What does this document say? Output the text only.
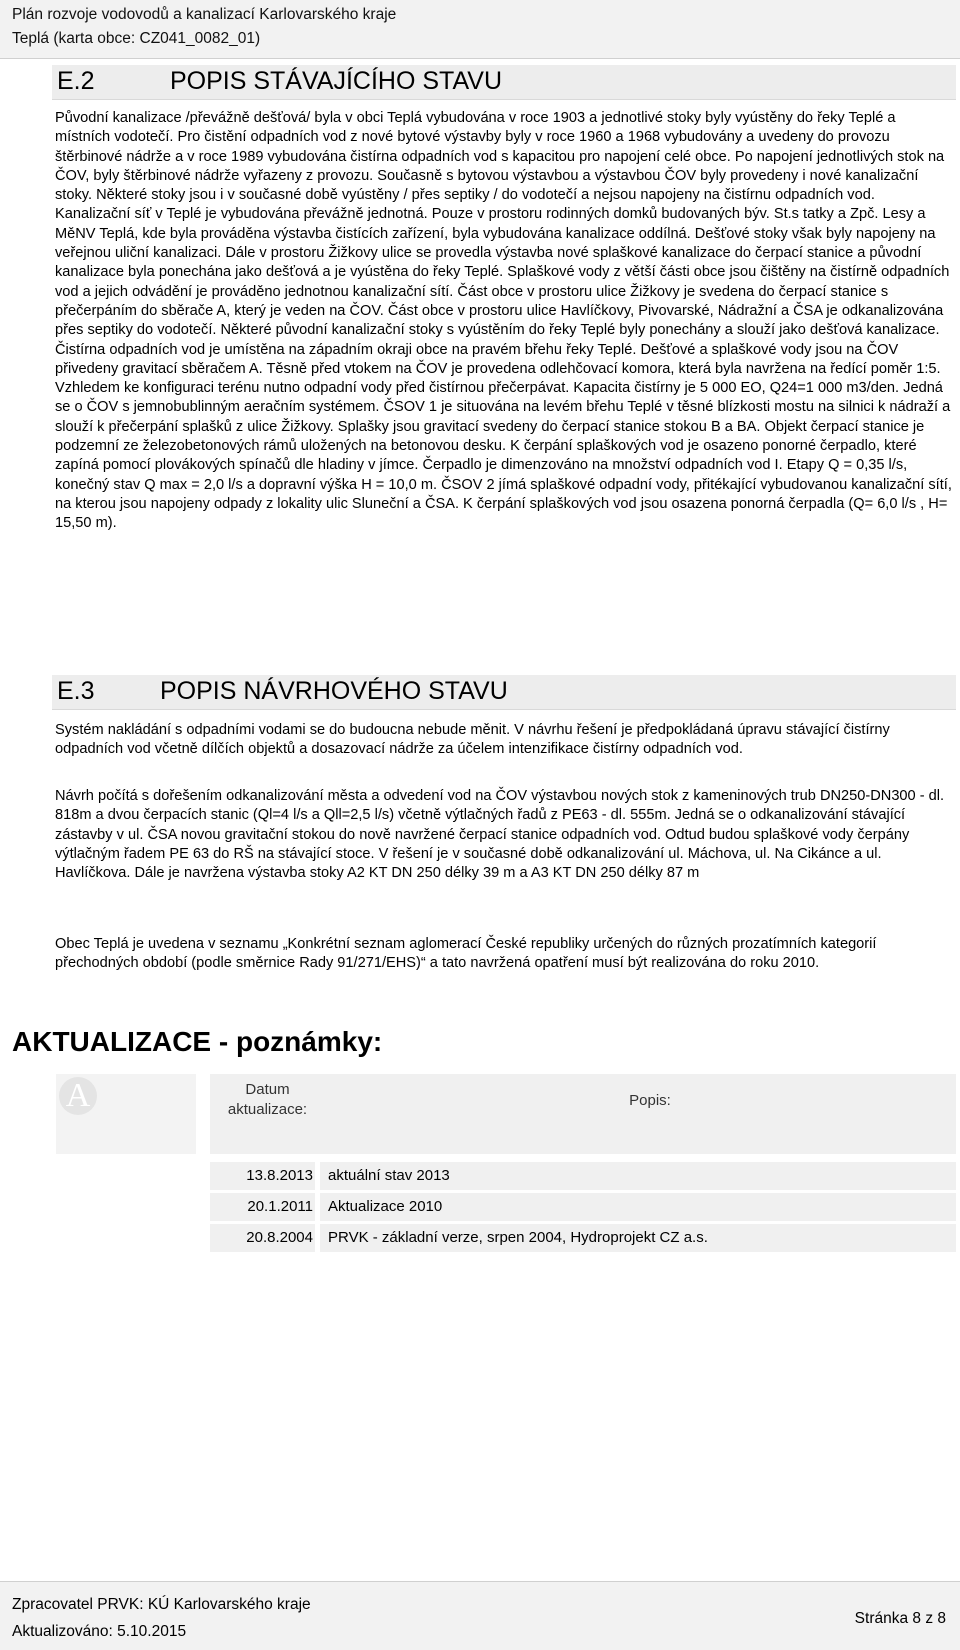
Plán rozvoje vodovodů a kanalizací Karlovarského kraje
Teplá (karta obce: CZ041_0082_01)
E.2	POPIS STÁVAJÍCÍHO STAVU

Původní kanalizace /převážně dešťová/ byla v obci Teplá vybudována v roce 1903 a jednotlivé stoky byly vyústěny do řeky Teplé a místních vodotečí. Pro čistění odpadních vod z nové bytové výstavby byly v roce 1960 a 1968 vybudovány a uvedeny do provozu štěrbinové nádrže a v roce 1989 vybudována čistírna odpadních vod s kapacitou pro napojení celé obce. Po napojení jednotlivých stok na ČOV, byly štěrbinové nádrže vyřazeny z provozu. Současně s bytovou výstavbou a výstavbou ČOV byly provedeny i nové kanalizační stoky. Některé stoky jsou i v současné době vyústěny / přes septiky / do vodotečí a nejsou napojeny na čistírnu odpadních vod. Kanalizační síť v Teplé je vybudována převážně jednotná. Pouze v prostoru rodinných domků budovaných býv. St.s tatky a Zpč. Lesy a MěNV Teplá, kde byla prováděna výstavba čistících zařízení, byla vybudována kanalizace oddílná. Dešťové stoky však byly napojeny na veřejnou uliční kanalizaci. Dále v prostoru Žižkovy ulice se provedla výstavba nové splaškové kanalizace do čerpací stanice a původní kanalizace byla ponechána jako dešťová a je vyústěna do řeky Teplé. Splaškové vody z větší části obce jsou čištěny na čistírně odpadních vod a jejich odvádění je prováděno jednotnou kanalizační sítí. Část obce v prostoru ulice Žižkovy je svedena do čerpací stanice s přečerpáním do sběrače A, který je veden na ČOV. Část obce v prostoru ulice Havlíčkovy, Pivovarské, Nádražní a ČSA je odkanalizována přes septiky do vodotečí. Některé původní kanalizační stoky s vyústěním do řeky Teplé byly ponechány a slouží jako dešťová kanalizace. Čistírna odpadních vod je umístěna na západním okraji obce na pravém břehu řeky Teplé. Dešťové a splaškové vody jsou na ČOV přivedeny gravitací sběračem A. Těsně před vtokem na ČOV je provedena odlehčovací komora, která byla navržena na ředící poměr 1:5. Vzhledem ke konfiguraci terénu nutno odpadní vody před čistírnou přečerpávat. Kapacita čistírny je 5 000 EO, Q24=1 000 m3/den. Jedná se o ČOV s jemnobublinným aeračním systémem. ČSOV 1 je situována na levém břehu Teplé v těsné blízkosti mostu na silnici k nádraží a slouží k přečerpání splašků z ulice Žižkovy. Splašky jsou gravitací svedeny do čerpací stanice stokou B a BA. Objekt čerpací stanice je podzemní ze železobetonových rámů uložených na betonovou desku. K čerpání splaškových vod je osazeno ponorné čerpadlo, které zapíná pomocí plovákových spínačů dle hladiny v jímce. Čerpadlo je dimenzováno na množství odpadních vod I. Etapy Q = 0,35 l/s, konečný stav Q max = 2,0 l/s a dopravní výška H = 10,0 m. ČSOV 2 jímá splaškové odpadní vody, přitékající vybudovanou kanalizační sítí, na kterou jsou napojeny odpady z lokality ulic Sluneční a ČSA. K čerpání splaškových vod jsou osazena ponorná čerpadla (Q= 6,0 l/s , H= 15,50 m).

E.3	POPIS NÁVRHOVÉHO STAVU

Systém nakládání s odpadními vodami se do budoucna nebude měnit. V návrhu řešení je předpokládaná úpravu stávající čistírny odpadních vod včetně dílčích objektů a dosazovací nádrže za účelem intenzifikace čistírny odpadních vod.

Návrh počítá s dořešením odkanalizování města a odvedení vod na ČOV výstavbou nových stok z kameninových trub DN250-DN300 - dl. 818m a dvou čerpacích stanic (Ql=4 l/s a Qll=2,5 l/s) včetně výtlačných řadů z PE63 - dl. 555m. Jedná se o odkanalizování stávající zástavby v ul. ČSA novou gravitační stokou do nově navržené čerpací stanice odpadních vod. Odtud budou splaškové vody čerpány výtlačným řadem PE 63 do RŠ na stávající stoce. V řešení je v současné době odkanalizování ul. Máchova, ul. Na Cikánce a ul. Havlíčkova. Dále je navržena výstavba stoky A2 KT DN 250 délky 39 m a A3 KT DN 250 délky 87 m

Obec Teplá je uvedena v seznamu „Konkrétní seznam aglomerací České republiky určených do různých prozatímních kategorií přechodných období (podle směrnice Rady 91/271/EHS)“ a tato navržená opatření musí být realizována do roku 2010.

AKTUALIZACE - poznámky:
A	Datum aktualizace:
Popis:
13.8.2013	aktuální stav 2013
20.1.2011	Aktualizace 2010
20.8.2004	PRVK - základní verze, srpen 2004, Hydroprojekt CZ a.s.
Zpracovatel PRVK: KÚ Karlovarského kraje
Aktualizováno: 5.10.2015
Stránka 8 z 8
